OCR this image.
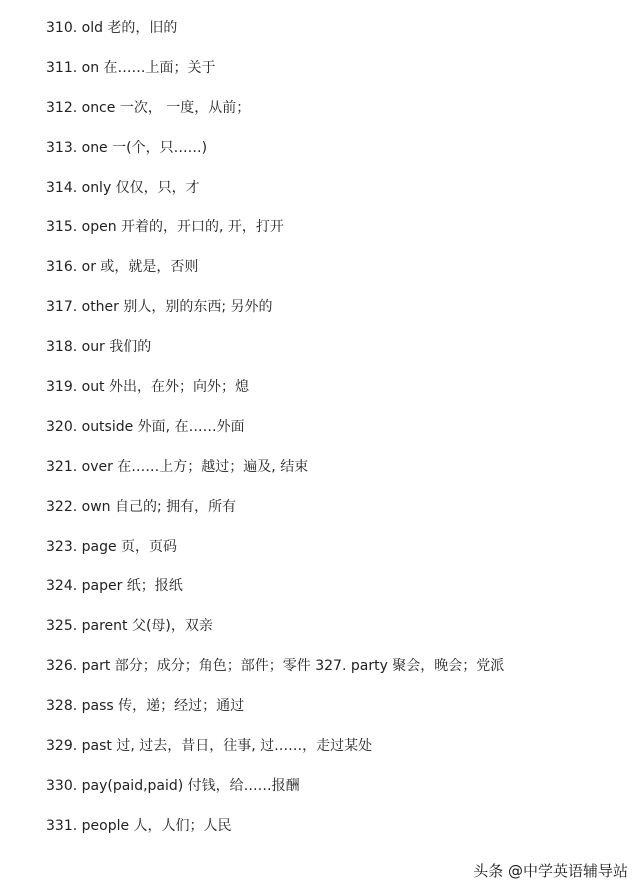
310. old 老的，旧的
311. on 在……上面；关于
312. once 一次， 一度，从前；
313. one 一(个，只……)
314. only 仅仅，只，才
315. open 开着的，开口的, 开，打开
316. or 或，就是，否则
317. other 别人，别的东西; 另外的
318. our 我们的
319. out 外出，在外；向外；熄
320. outside 外面, 在……外面
321. over 在……上方；越过；遍及, 结束
322. own 自己的; 拥有，所有
323. page 页，页码
324. paper 纸；报纸
325. parent 父(母)，双亲
326. part 部分；成分；角色；部件；零件 327. party 聚会，晚会；党派
328. pass 传，递；经过；通过
329. past 过, 过去，昔日，往事, 过……，走过某处
330. pay(paid,paid) 付钱，给……报酬
331. people 人，人们；人民
头条 @中学英语辅导站
